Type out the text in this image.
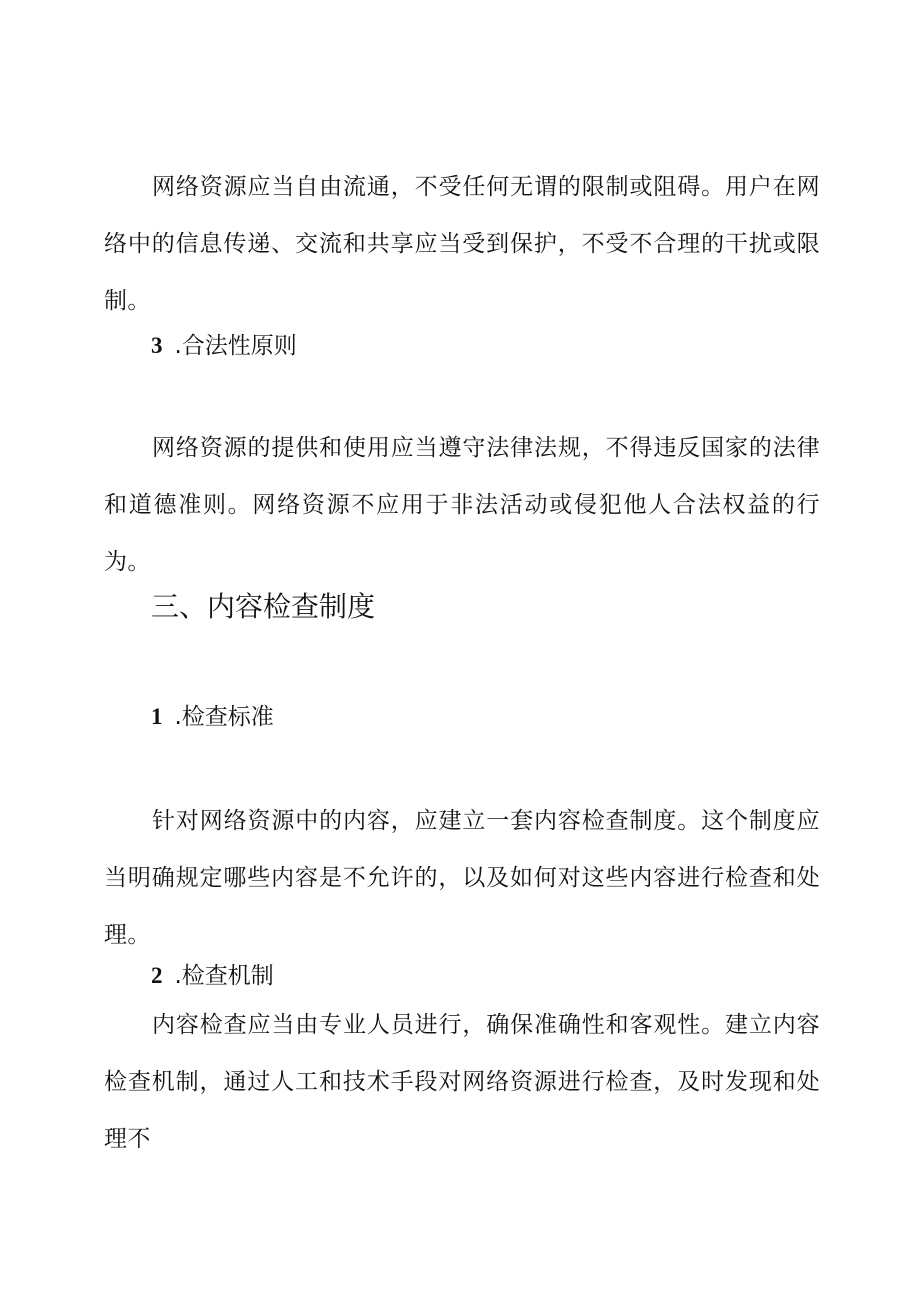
网络资源应当自由流通，不受任何无谓的限制或阻碍。用户在网络中的信息传递、交流和共享应当受到保护，不受不合理的干扰或限制。

3 .合法性原则

网络资源的提供和使用应当遵守法律法规，不得违反国家的法律和道德准则。网络资源不应用于非法活动或侵犯他人合法权益的行为。

三、内容检查制度
1 .检查标准

针对网络资源中的内容，应建立一套内容检查制度。这个制度应当明确规定哪些内容是不允许的，以及如何对这些内容进行检查和处理。

2 .检查机制

内容检查应当由专业人员进行，确保准确性和客观性。建立内容检查机制，通过人工和技术手段对网络资源进行检查，及时发现和处理不
